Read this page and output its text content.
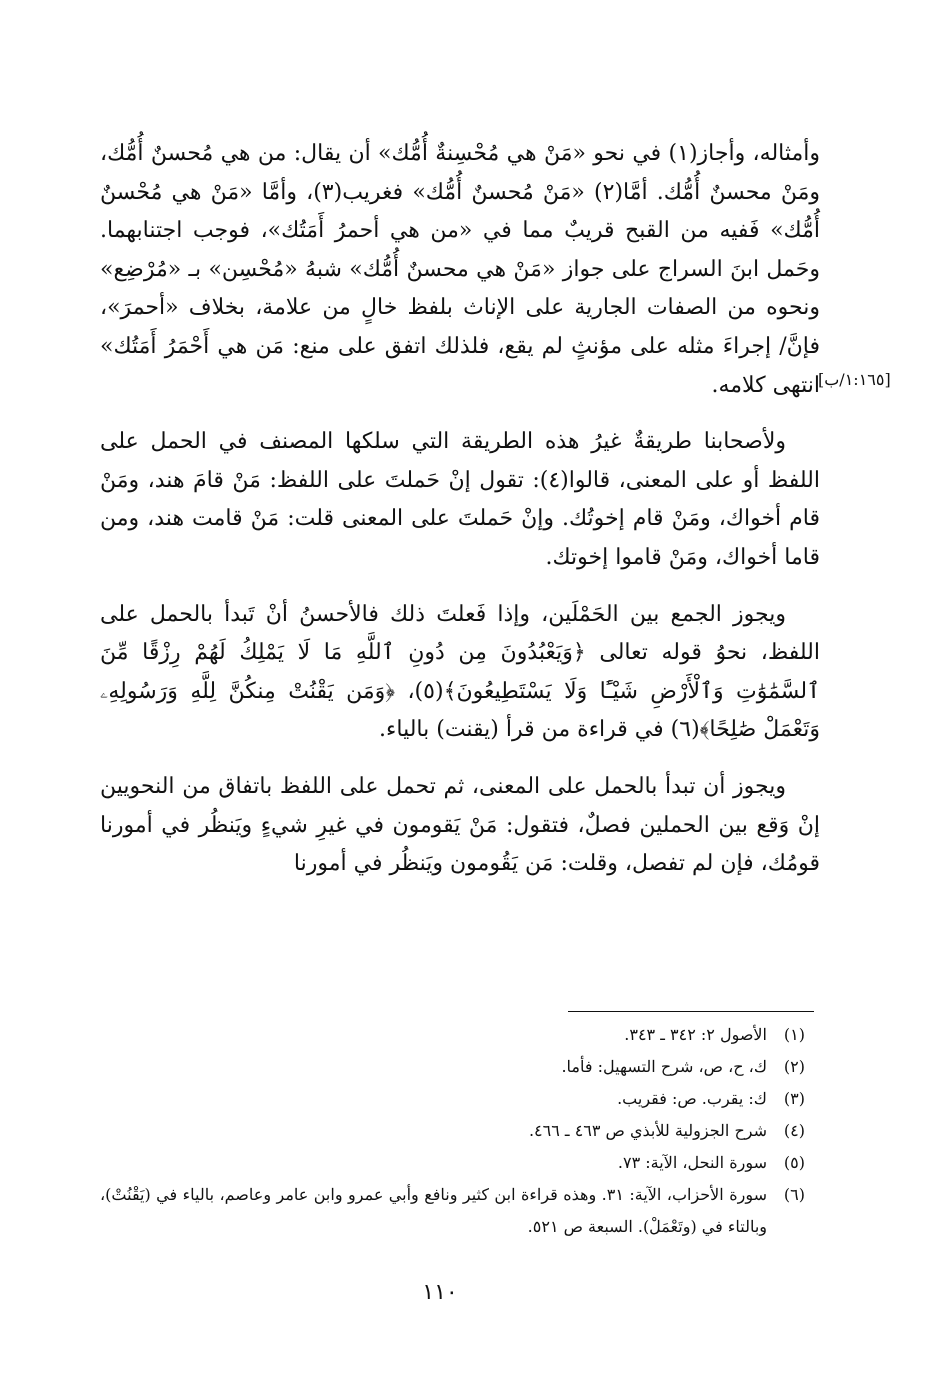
وأمثاله، وأجاز(١) في نحو «مَنْ هي مُحْسِنةٌ أُمُّك» أن يقال: من هي مُحسنٌ أُمُّك، ومَنْ محسنٌ أُمُّك. أمَّا(٢) «مَنْ مُحسنٌ أُمُّك» فغريب(٣)، وأمَّا «مَنْ هي مُحْسنٌ أُمُّك» فَفيه من القبح قريبٌ مما في «من هي أحمرُ أَمَتُك»، فوجب اجتنابهما. وحَمل ابنَ السراج على جواز «مَنْ هي محسنٌ أُمُّك» شبهُ «مُحْسِن» بـ «مُرْضِع» ونحوه من الصفات الجارية على الإناث بلفظ خالٍ من علامة، بخلاف «أحمرَ»، فإنَّ/ إجراءَ مثله على مؤنثٍ لم يقع، فلذلك اتفق على منع: مَن هي أَحْمَرُ أَمَتُك» انتهى كلامه.

ولأصحابنا طريقةٌ غيرُ هذه الطريقة التي سلكها المصنف في الحمل على اللفظ أو على المعنى، قالوا(٤): تقول إنْ حَملتَ على اللفظ: مَنْ قامَ هند، ومَنْ قام أخواك، ومَنْ قام إخوتُك. وإنْ حَملتَ على المعنى قلت: مَنْ قامت هند، ومن قاما أخواك، ومَنْ قاموا إخوتك.

ويجوز الجمع بين الحَمْلَين، وإذا فَعلتَ ذلك فالأحسنُ أنْ تَبدأ بالحمل على اللفظ، نحوُ قوله تعالى ﴿وَيَعْبُدُونَ مِن دُونِ ٱللَّهِ مَا لَا يَمْلِكُ لَهُمْ رِزْقًا مِّنَ ٱلسَّمَٰوَٰتِ وَٱلْأَرْضِ شَيْـًٔا وَلَا يَسْتَطِيعُونَ﴾(٥)، ﴿وَمَن يَقْنُتْ مِنكُنَّ لِلَّهِ وَرَسُولِهِۦ وَتَعْمَلْ صَٰلِحًا﴾(٦) في قراءة من قرأ (يقنت) بالياء.

ويجوز أن تبدأ بالحمل على المعنى، ثم تحمل على اللفظ باتفاق من النحويين إنْ وَقع بين الحملين فصلٌ، فتقول: مَنْ يَقومون في غيرِ شيءٍ ويَنظُر في أمورنا قومُك، فإن لم تفصل، وقلت: مَن يَقُومون ويَنظُر في أمورنا

[١:١٦٥/ب]
(١)
الأصول ٢: ٣٤٢ ـ ٣٤٣.
(٢)
ك، ح، ص، شرح التسهيل: فأما.
(٣)
ك: يقرب. ص: فقريب.
(٤)
شرح الجزولية للأبذي ص ٤٦٣ ـ ٤٦٦.
(٥)
سورة النحل، الآية: ٧٣.
(٦)
سورة الأحزاب، الآية: ٣١. وهذه قراءة ابن كثير ونافع وأبي عمرو وابن عامر وعاصم، بالياء في (يَقْنُتْ)، وبالتاء في (وتَعْمَلْ). السبعة ص ٥٢١.
١١٠
